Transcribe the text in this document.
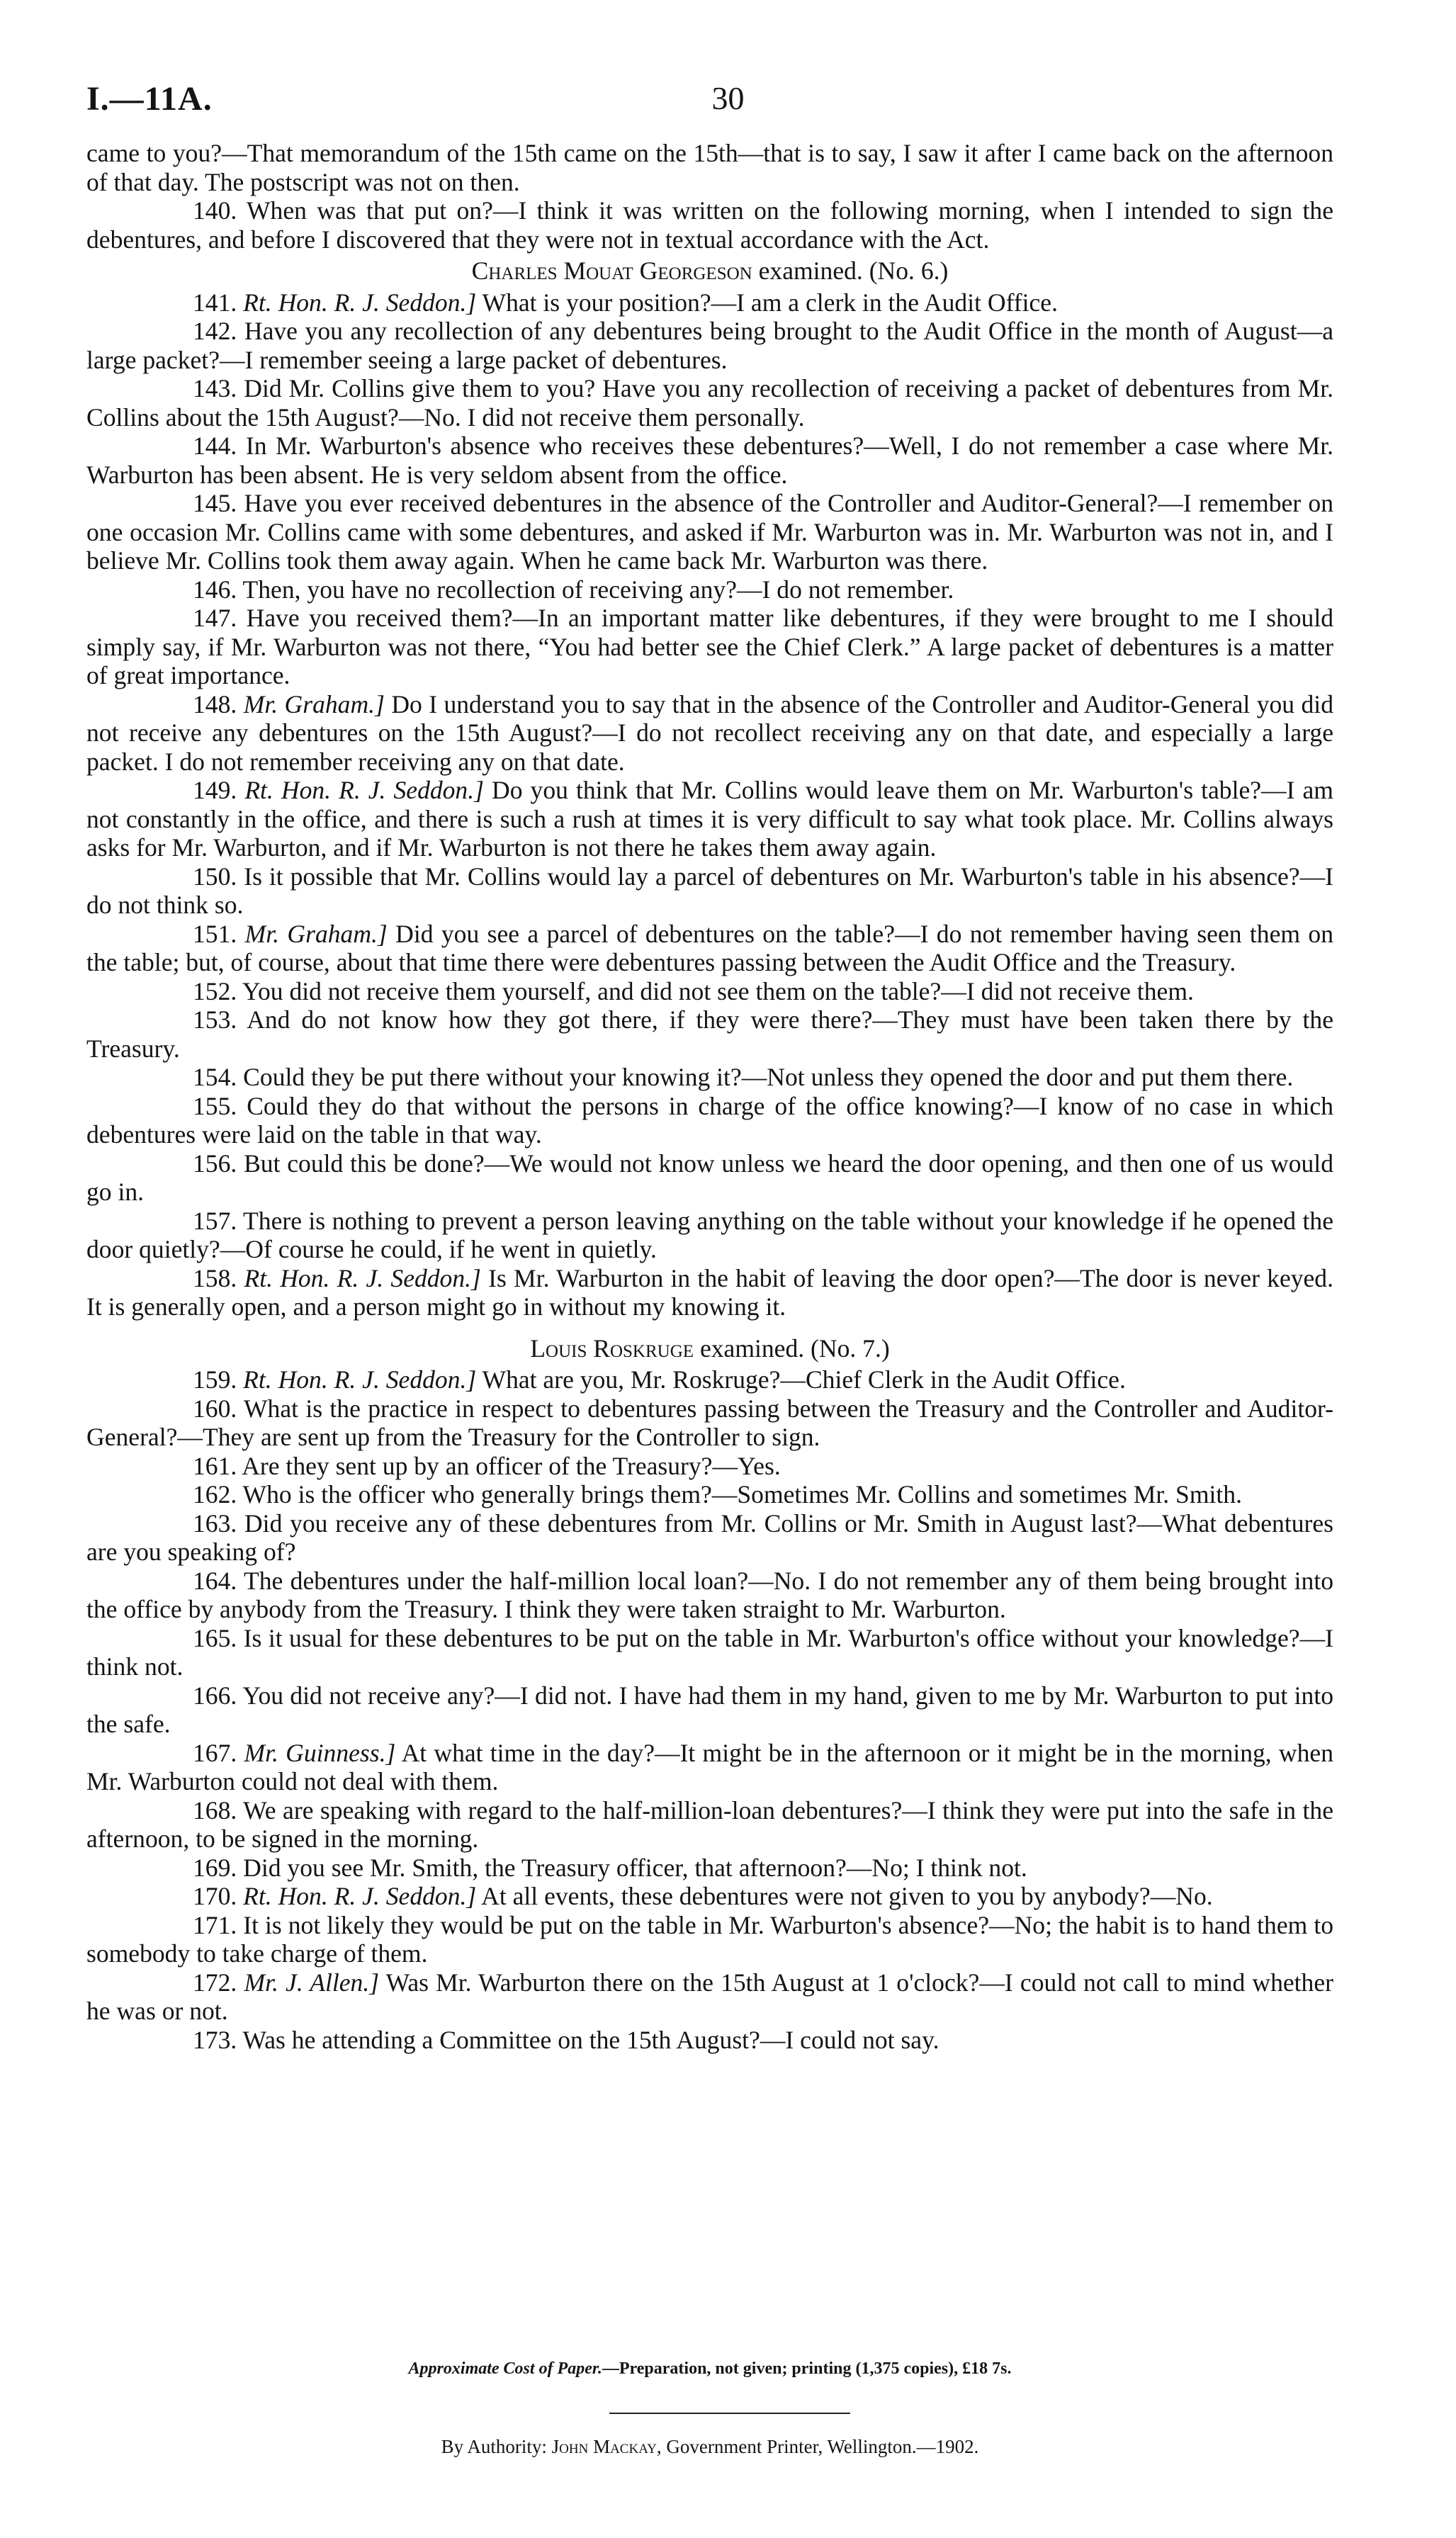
I.—11A.	30

came to you?—That memorandum of the 15th came on the 15th—that is to say, I saw it after I came back on the afternoon of that day. The postscript was not on then.

140. When was that put on?—I think it was written on the following morning, when I intended to sign the debentures, and before I discovered that they were not in textual accordance with the Act.

Charles Mouat Georgeson examined. (No. 6.)

141. Rt. Hon. R. J. Seddon.] What is your position?—I am a clerk in the Audit Office.

142. Have you any recollection of any debentures being brought to the Audit Office in the month of August—a large packet?—I remember seeing a large packet of debentures.

143. Did Mr. Collins give them to you? Have you any recollection of receiving a packet of debentures from Mr. Collins about the 15th August?—No. I did not receive them personally.

144. In Mr. Warburton's absence who receives these debentures?—Well, I do not remember a case where Mr. Warburton has been absent. He is very seldom absent from the office.

145. Have you ever received debentures in the absence of the Controller and Auditor-General?—I remember on one occasion Mr. Collins came with some debentures, and asked if Mr. Warburton was in. Mr. Warburton was not in, and I believe Mr. Collins took them away again. When he came back Mr. Warburton was there.

146. Then, you have no recollection of receiving any?—I do not remember.

147. Have you received them?—In an important matter like debentures, if they were brought to me I should simply say, if Mr. Warburton was not there, “You had better see the Chief Clerk.” A large packet of debentures is a matter of great importance.

148. Mr. Graham.] Do I understand you to say that in the absence of the Controller and Auditor-General you did not receive any debentures on the 15th August?—I do not recollect receiving any on that date, and especially a large packet. I do not remember receiving any on that date.

149. Rt. Hon. R. J. Seddon.] Do you think that Mr. Collins would leave them on Mr. Warburton's table?—I am not constantly in the office, and there is such a rush at times it is very difficult to say what took place. Mr. Collins always asks for Mr. Warburton, and if Mr. Warburton is not there he takes them away again.

150. Is it possible that Mr. Collins would lay a parcel of debentures on Mr. Warburton's table in his absence?—I do not think so.

151. Mr. Graham.] Did you see a parcel of debentures on the table?—I do not remember having seen them on the table; but, of course, about that time there were debentures passing between the Audit Office and the Treasury.

152. You did not receive them yourself, and did not see them on the table?—I did not receive them.

153. And do not know how they got there, if they were there?—They must have been taken there by the Treasury.

154. Could they be put there without your knowing it?—Not unless they opened the door and put them there.

155. Could they do that without the persons in charge of the office knowing?—I know of no case in which debentures were laid on the table in that way.

156. But could this be done?—We would not know unless we heard the door opening, and then one of us would go in.

157. There is nothing to prevent a person leaving anything on the table without your knowledge if he opened the door quietly?—Of course he could, if he went in quietly.

158. Rt. Hon. R. J. Seddon.] Is Mr. Warburton in the habit of leaving the door open?—The door is never keyed. It is generally open, and a person might go in without my knowing it.

Louis Roskruge examined. (No. 7.)

159. Rt. Hon. R. J. Seddon.] What are you, Mr. Roskruge?—Chief Clerk in the Audit Office.

160. What is the practice in respect to debentures passing between the Treasury and the Controller and Auditor-General?—They are sent up from the Treasury for the Controller to sign.

161. Are they sent up by an officer of the Treasury?—Yes.

162. Who is the officer who generally brings them?—Sometimes Mr. Collins and sometimes Mr. Smith.

163. Did you receive any of these debentures from Mr. Collins or Mr. Smith in August last?—What debentures are you speaking of?

164. The debentures under the half-million local loan?—No. I do not remember any of them being brought into the office by anybody from the Treasury. I think they were taken straight to Mr. Warburton.

165. Is it usual for these debentures to be put on the table in Mr. Warburton's office without your knowledge?—I think not.

166. You did not receive any?—I did not. I have had them in my hand, given to me by Mr. Warburton to put into the safe.

167. Mr. Guinness.] At what time in the day?—It might be in the afternoon or it might be in the morning, when Mr. Warburton could not deal with them.

168. We are speaking with regard to the half-million-loan debentures?—I think they were put into the safe in the afternoon, to be signed in the morning.

169. Did you see Mr. Smith, the Treasury officer, that afternoon?—No; I think not.

170. Rt. Hon. R. J. Seddon.] At all events, these debentures were not given to you by anybody?—No.

171. It is not likely they would be put on the table in Mr. Warburton's absence?—No; the habit is to hand them to somebody to take charge of them.

172. Mr. J. Allen.] Was Mr. Warburton there on the 15th August at 1 o'clock?—I could not call to mind whether he was or not.

173. Was he attending a Committee on the 15th August?—I could not say.

Approximate Cost of Paper.—Preparation, not given; printing (1,375 copies), £18 7s.
By Authority: John Mackay, Government Printer, Wellington.—1902.
